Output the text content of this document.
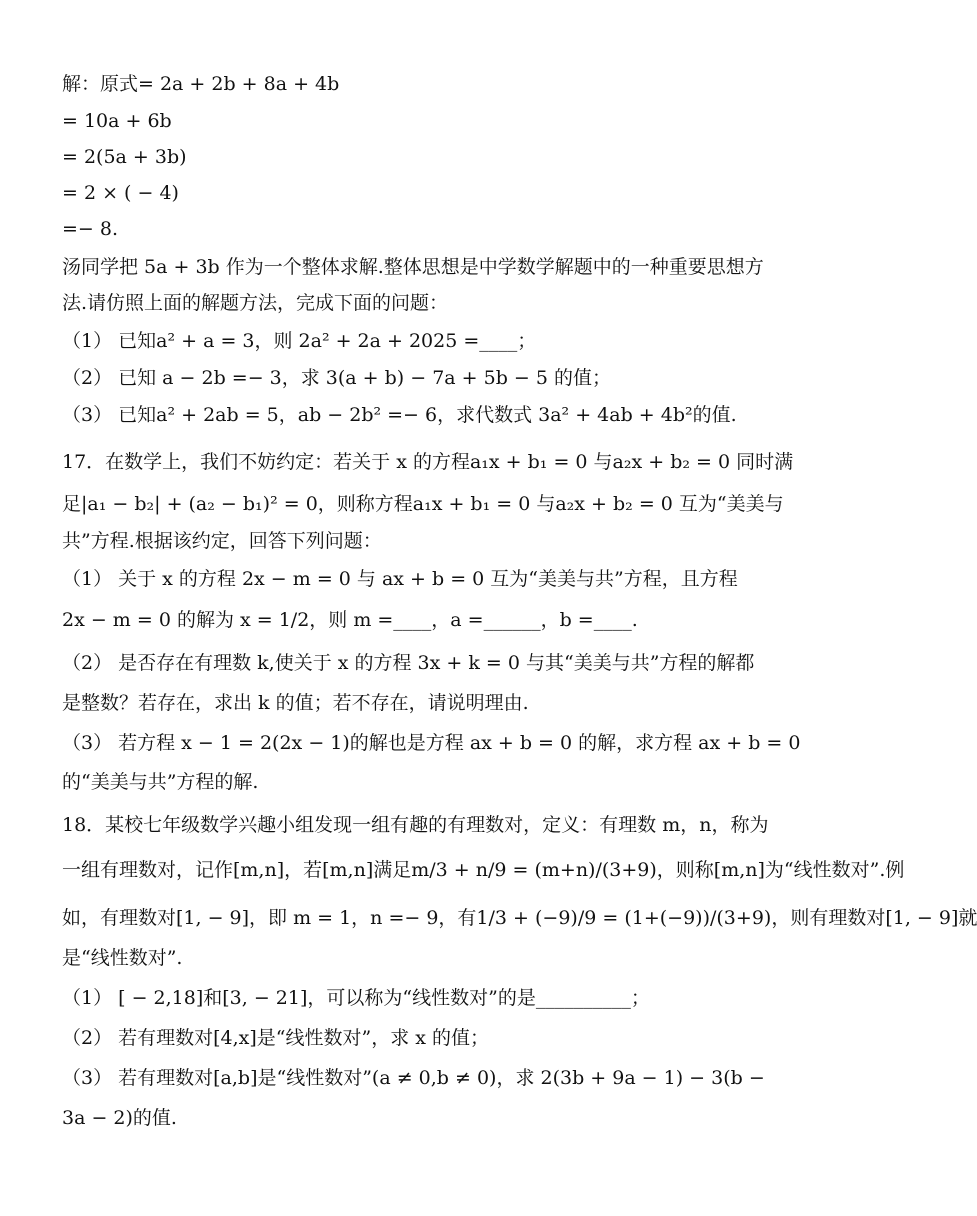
解：原式= 2a + 2b + 8a + 4b
= 10a + 6b
= 2(5a + 3b)
= 2 × ( − 4)
=− 8.
汤同学把 5a + 3b 作为一个整体求解.整体思想是中学数学解题中的一种重要思想方
法.请仿照上面的解题方法，完成下面的问题：
（1） 已知a² + a = 3，则 2a² + 2a + 2025 =____；
（2） 已知 a − 2b =− 3，求 3(a + b) − 7a + 5b − 5 的值；
（3） 已知a² + 2ab = 5，ab − 2b² =− 6，求代数式 3a² + 4ab + 4b²的值.
17．在数学上，我们不妨约定：若关于 x 的方程a₁x + b₁ = 0 与a₂x + b₂ = 0 同时满
足|a₁ − b₂| + (a₂ − b₁)² = 0，则称方程a₁x + b₁ = 0 与a₂x + b₂ = 0 互为“美美与
共”方程.根据该约定，回答下列问题：
（1） 关于 x 的方程 2x − m = 0 与 ax + b = 0 互为“美美与共”方程，且方程
2x − m = 0 的解为 x = 1/2，则 m =____，a =______，b =____.
（2） 是否存在有理数 k,使关于 x 的方程 3x + k = 0 与其“美美与共”方程的解都
是整数？若存在，求出 k 的值；若不存在，请说明理由.
（3） 若方程 x − 1 = 2(2x − 1)的解也是方程 ax + b = 0 的解，求方程 ax + b = 0
的“美美与共”方程的解.
18．某校七年级数学兴趣小组发现一组有趣的有理数对，定义：有理数 m，n，称为
一组有理数对，记作[m,n]，若[m,n]满足m/3 + n/9 = (m+n)/(3+9)，则称[m,n]为“线性数对”.例
如，有理数对[1, − 9]，即 m = 1，n =− 9，有1/3 + (−9)/9 = (1+(−9))/(3+9)，则有理数对[1, − 9]就
是“线性数对”.
（1） [ − 2,18]和[3, − 21]，可以称为“线性数对”的是__________；
（2） 若有理数对[4,x]是“线性数对”，求 x 的值；
（3） 若有理数对[a,b]是“线性数对”(a ≠ 0,b ≠ 0)，求 2(3b + 9a − 1) − 3(b −
3a − 2)的值.
